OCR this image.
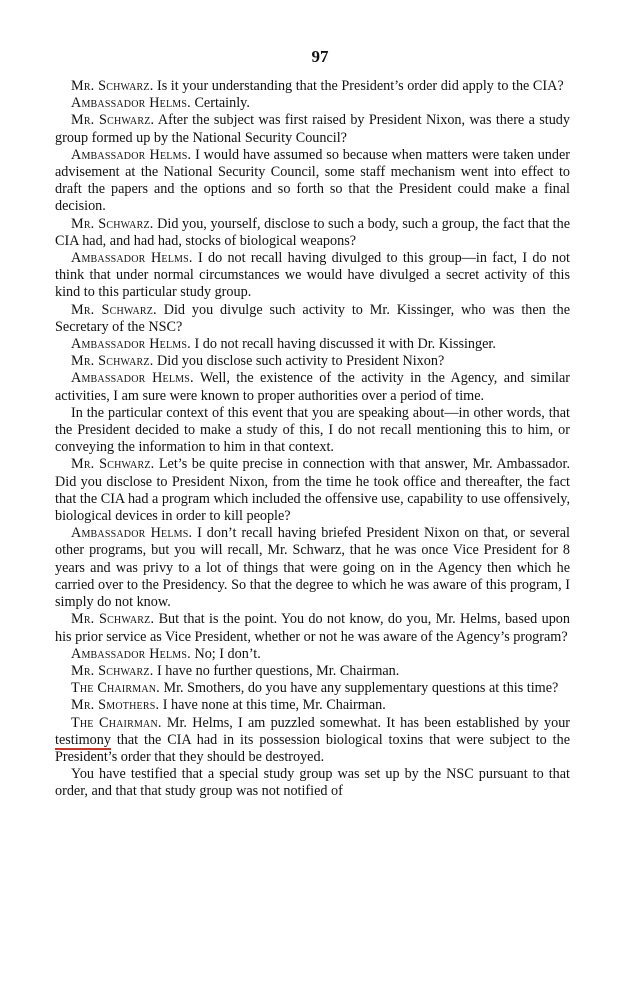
97

Mr. Schwarz. Is it your understanding that the President’s order did apply to the CIA?

Ambassador Helms. Certainly.

Mr. Schwarz. After the subject was first raised by President Nixon, was there a study group formed up by the National Security Council?

Ambassador Helms. I would have assumed so because when matters were taken under advisement at the National Security Council, some staff mechanism went into effect to draft the papers and the options and so forth so that the President could make a final decision.

Mr. Schwarz. Did you, yourself, disclose to such a body, such a group, the fact that the CIA had, and had had, stocks of biological weapons?

Ambassador Helms. I do not recall having divulged to this group—in fact, I do not think that under normal circumstances we would have divulged a secret activity of this kind to this particular study group.

Mr. Schwarz. Did you divulge such activity to Mr. Kissinger, who was then the Secretary of the NSC?

Ambassador Helms. I do not recall having discussed it with Dr. Kissinger.

Mr. Schwarz. Did you disclose such activity to President Nixon?

Ambassador Helms. Well, the existence of the activity in the Agency, and similar activities, I am sure were known to proper authorities over a period of time.

In the particular context of this event that you are speaking about—in other words, that the President decided to make a study of this, I do not recall mentioning this to him, or conveying the information to him in that context.

Mr. Schwarz. Let’s be quite precise in connection with that answer, Mr. Ambassador. Did you disclose to President Nixon, from the time he took office and thereafter, the fact that the CIA had a program which included the offensive use, capability to use offensively, biological devices in order to kill people?

Ambassador Helms. I don’t recall having briefed President Nixon on that, or several other programs, but you will recall, Mr. Schwarz, that he was once Vice President for 8 years and was privy to a lot of things that were going on in the Agency then which he carried over to the Presidency. So that the degree to which he was aware of this program, I simply do not know.

Mr. Schwarz. But that is the point. You do not know, do you, Mr. Helms, based upon his prior service as Vice President, whether or not he was aware of the Agency’s program?

Ambassador Helms. No; I don’t.

Mr. Schwarz. I have no further questions, Mr. Chairman.

The Chairman. Mr. Smothers, do you have any supplementary questions at this time?

Mr. Smothers. I have none at this time, Mr. Chairman.

The Chairman. Mr. Helms, I am puzzled somewhat. It has been established by your testimony that the CIA had in its possession biological toxins that were subject to the President’s order that they should be destroyed.

You have testified that a special study group was set up by the NSC pursuant to that order, and that that study group was not notified of
